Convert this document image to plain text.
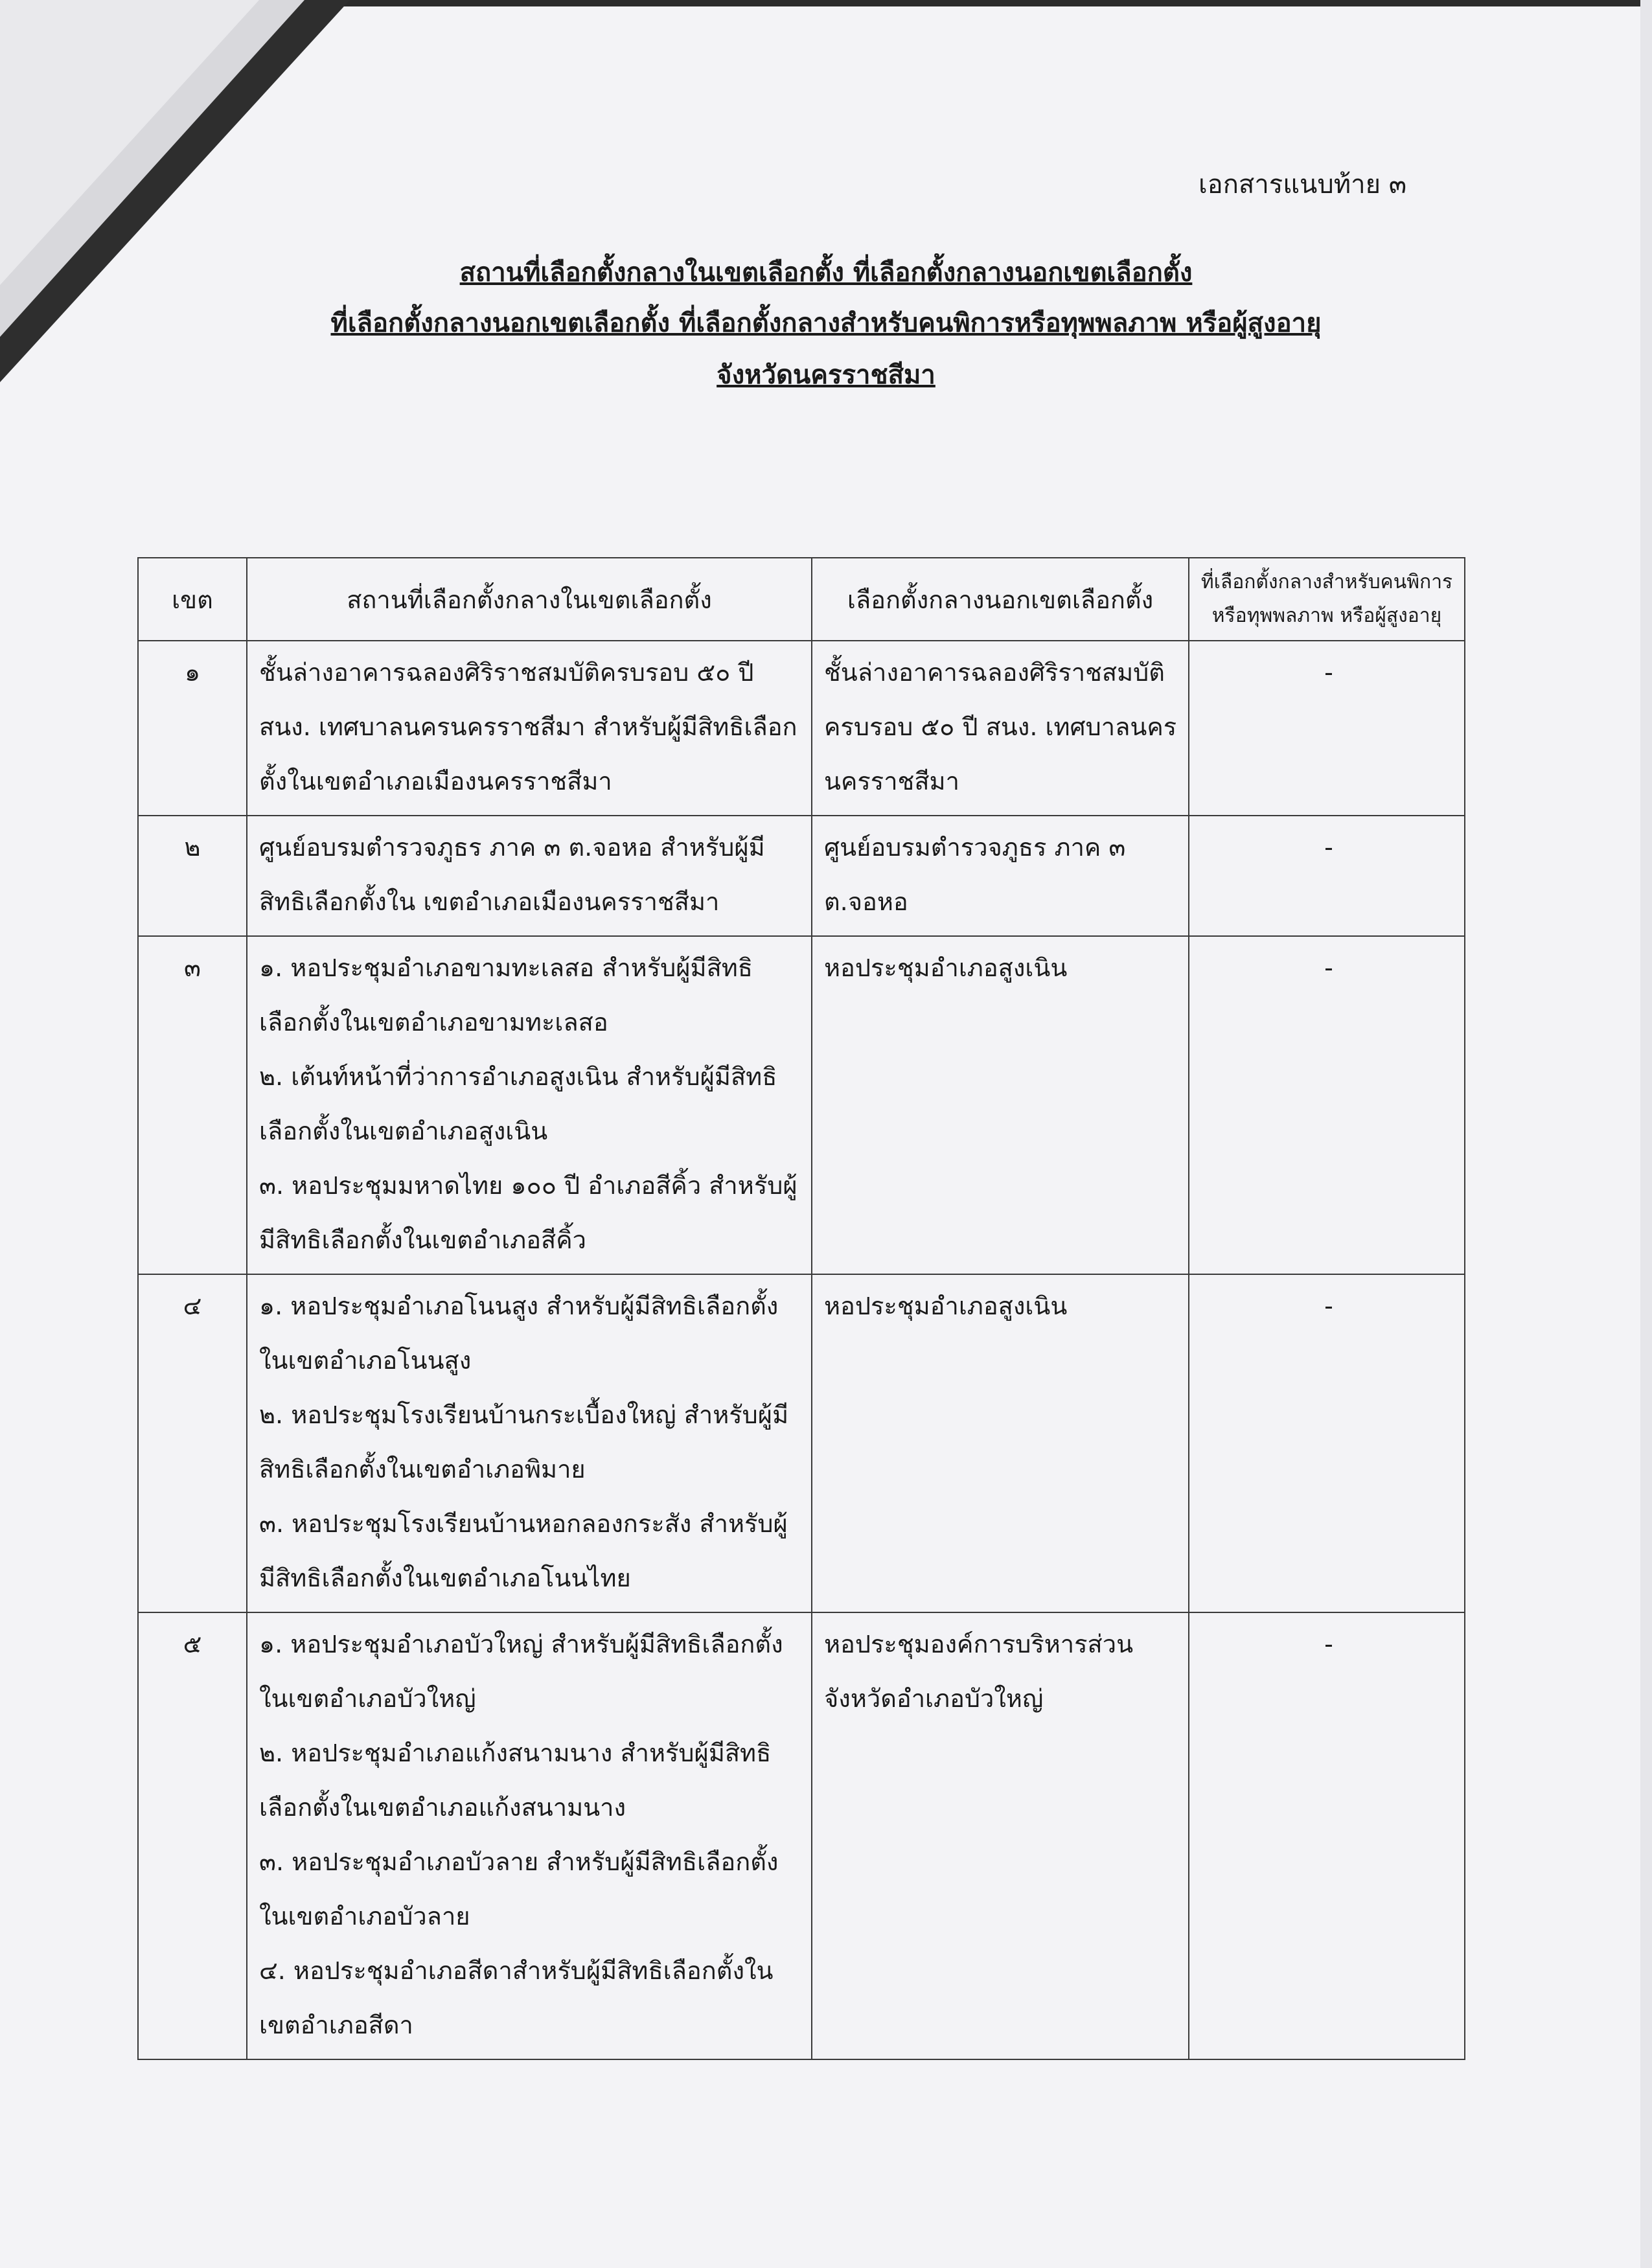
เอกสารแนบท้าย ๓
สถานที่เลือกตั้งกลางในเขตเลือกตั้ง ที่เลือกตั้งกลางนอกเขตเลือกตั้ง
ที่เลือกตั้งกลางนอกเขตเลือกตั้ง ที่เลือกตั้งกลางสำหรับคนพิการหรือทุพพลภาพ หรือผู้สูงอายุ
จังหวัดนครราชสีมา
เขต	สถานที่เลือกตั้งกลางในเขตเลือกตั้ง	เลือกตั้งกลางนอกเขตเลือกตั้ง	ที่เลือกตั้งกลางสำหรับคนพิการ
หรือทุพพลภาพ หรือผู้สูงอายุ

๑	ชั้นล่างอาคารฉลองศิริราชสมบัติครบรอบ ๕๐ ปี สนง. เทศบาลนครนครราชสีมา สำหรับผู้มีสิทธิเลือกตั้งในเขตอำเภอเมืองนครราชสีมา	ชั้นล่างอาคารฉลองศิริราชสมบัติครบรอบ ๕๐ ปี สนง. เทศบาลนครนครราชสีมา	-
๒	ศูนย์อบรมตำรวจภูธร ภาค ๓ ต.จอหอ สำหรับผู้มีสิทธิเลือกตั้งใน เขตอำเภอเมืองนครราชสีมา	ศูนย์อบรมตำรวจภูธร ภาค ๓ ต.จอหอ	-
๓	๑. หอประชุมอำเภอขามทะเลสอ สำหรับผู้มีสิทธิเลือกตั้งในเขตอำเภอขามทะเลสอ
๒. เต้นท์หน้าที่ว่าการอำเภอสูงเนิน สำหรับผู้มีสิทธิเลือกตั้งในเขตอำเภอสูงเนิน
๓. หอประชุมมหาดไทย ๑๐๐ ปี อำเภอสีคิ้ว สำหรับผู้มีสิทธิเลือกตั้งในเขตอำเภอสีคิ้ว	หอประชุมอำเภอสูงเนิน	-
๔	๑. หอประชุมอำเภอโนนสูง สำหรับผู้มีสิทธิเลือกตั้งในเขตอำเภอโนนสูง
๒. หอประชุมโรงเรียนบ้านกระเบื้องใหญ่ สำหรับผู้มีสิทธิเลือกตั้งในเขตอำเภอพิมาย
๓. หอประชุมโรงเรียนบ้านหอกลองกระสัง สำหรับผู้มีสิทธิเลือกตั้งในเขตอำเภอโนนไทย	หอประชุมอำเภอสูงเนิน	-
๕	๑. หอประชุมอำเภอบัวใหญ่ สำหรับผู้มีสิทธิเลือกตั้งในเขตอำเภอบัวใหญ่
๒. หอประชุมอำเภอแก้งสนามนาง สำหรับผู้มีสิทธิเลือกตั้งในเขตอำเภอแก้งสนามนาง
๓. หอประชุมอำเภอบัวลาย สำหรับผู้มีสิทธิเลือกตั้งในเขตอำเภอบัวลาย
๔. หอประชุมอำเภอสีดาสำหรับผู้มีสิทธิเลือกตั้งในเขตอำเภอสีดา	หอประชุมองค์การบริหารส่วนจังหวัดอำเภอบัวใหญ่	-
